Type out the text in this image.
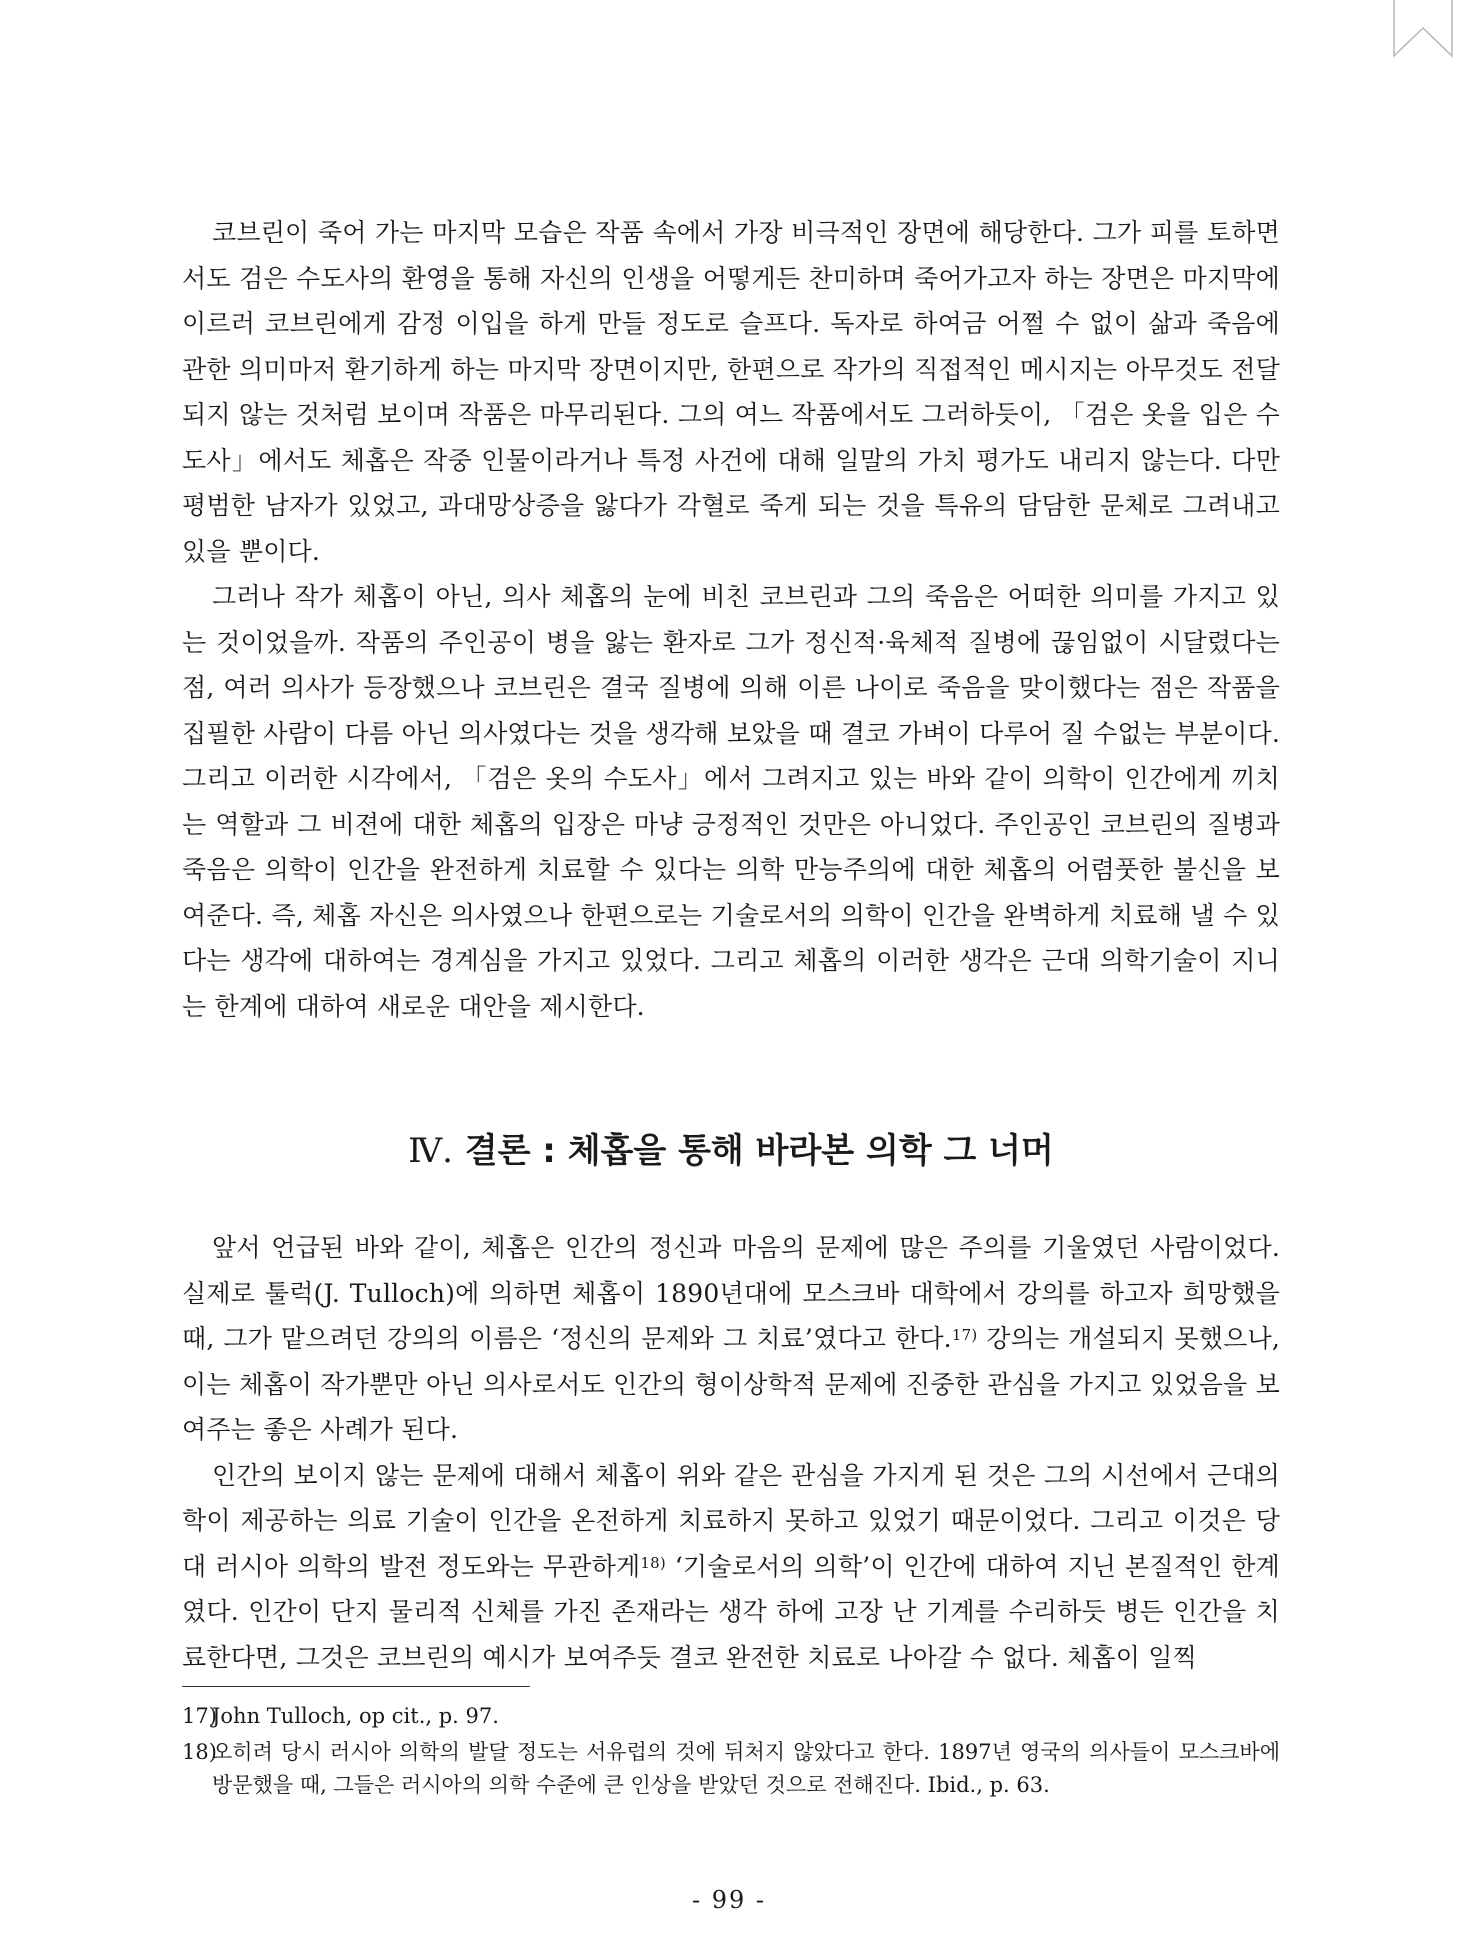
코브린이 죽어 가는 마지막 모습은 작품 속에서 가장 비극적인 장면에 해당한다. 그가 피를 토하면서도 검은 수도사의 환영을 통해 자신의 인생을 어떻게든 찬미하며 죽어가고자 하는 장면은 마지막에 이르러 코브린에게 감정 이입을 하게 만들 정도로 슬프다. 독자로 하여금 어쩔 수 없이 삶과 죽음에 관한 의미마저 환기하게 하는 마지막 장면이지만, 한편으로 작가의 직접적인 메시지는 아무것도 전달되지 않는 것처럼 보이며 작품은 마무리된다. 그의 여느 작품에서도 그러하듯이, 「검은 옷을 입은 수도사」에서도 체홉은 작중 인물이라거나 특정 사건에 대해 일말의 가치 평가도 내리지 않는다. 다만 평범한 남자가 있었고, 과대망상증을 앓다가 각혈로 죽게 되는 것을 특유의 담담한 문체로 그려내고 있을 뿐이다.

그러나 작가 체홉이 아닌, 의사 체홉의 눈에 비친 코브린과 그의 죽음은 어떠한 의미를 가지고 있는 것이었을까. 작품의 주인공이 병을 앓는 환자로 그가 정신적·육체적 질병에 끊임없이 시달렸다는 점, 여러 의사가 등장했으나 코브린은 결국 질병에 의해 이른 나이로 죽음을 맞이했다는 점은 작품을 집필한 사람이 다름 아닌 의사였다는 것을 생각해 보았을 때 결코 가벼이 다루어 질 수없는 부분이다. 그리고 이러한 시각에서, 「검은 옷의 수도사」에서 그려지고 있는 바와 같이 의학이 인간에게 끼치는 역할과 그 비젼에 대한 체홉의 입장은 마냥 긍정적인 것만은 아니었다. 주인공인 코브린의 질병과 죽음은 의학이 인간을 완전하게 치료할 수 있다는 의학 만능주의에 대한 체홉의 어렴풋한 불신을 보여준다. 즉, 체홉 자신은 의사였으나 한편으로는 기술로서의 의학이 인간을 완벽하게 치료해 낼 수 있다는 생각에 대하여는 경계심을 가지고 있었다. 그리고 체홉의 이러한 생각은 근대 의학기술이 지니는 한계에 대하여 새로운 대안을 제시한다.

Ⅳ. 결론 : 체홉을 통해 바라본 의학 그 너머

앞서 언급된 바와 같이, 체홉은 인간의 정신과 마음의 문제에 많은 주의를 기울였던 사람이었다. 실제로 툴럭(J. Tulloch)에 의하면 체홉이 1890년대에 모스크바 대학에서 강의를 하고자 희망했을 때, 그가 맡으려던 강의의 이름은 ‘정신의 문제와 그 치료’였다고 한다.$^{17)}$ 강의는 개설되지 못했으나, 이는 체홉이 작가뿐만 아닌 의사로서도 인간의 형이상학적 문제에 진중한 관심을 가지고 있었음을 보여주는 좋은 사례가 된다.

인간의 보이지 않는 문제에 대해서 체홉이 위와 같은 관심을 가지게 된 것은 그의 시선에서 근대의학이 제공하는 의료 기술이 인간을 온전하게 치료하지 못하고 있었기 때문이었다. 그리고 이것은 당대 러시아 의학의 발전 정도와는 무관하게$^{18)}$ ‘기술로서의 의학’이 인간에 대하여 지닌 본질적인 한계였다. 인간이 단지 물리적 신체를 가진 존재라는 생각 하에 고장 난 기계를 수리하듯 병든 인간을 치료한다면, 그것은 코브린의 예시가 보여주듯 결코 완전한 치료로 나아갈 수 없다. 체홉이 일찍

17)
John Tulloch, op cit., p. 97.
18)
오히려 당시 러시아 의학의 발달 정도는 서유럽의 것에 뒤처지 않았다고 한다. 1897년 영국의 의사들이 모스크바에 방문했을 때, 그들은 러시아의 의학 수준에 큰 인상을 받았던 것으로 전해진다. Ibid., p. 63.
- 99 -
